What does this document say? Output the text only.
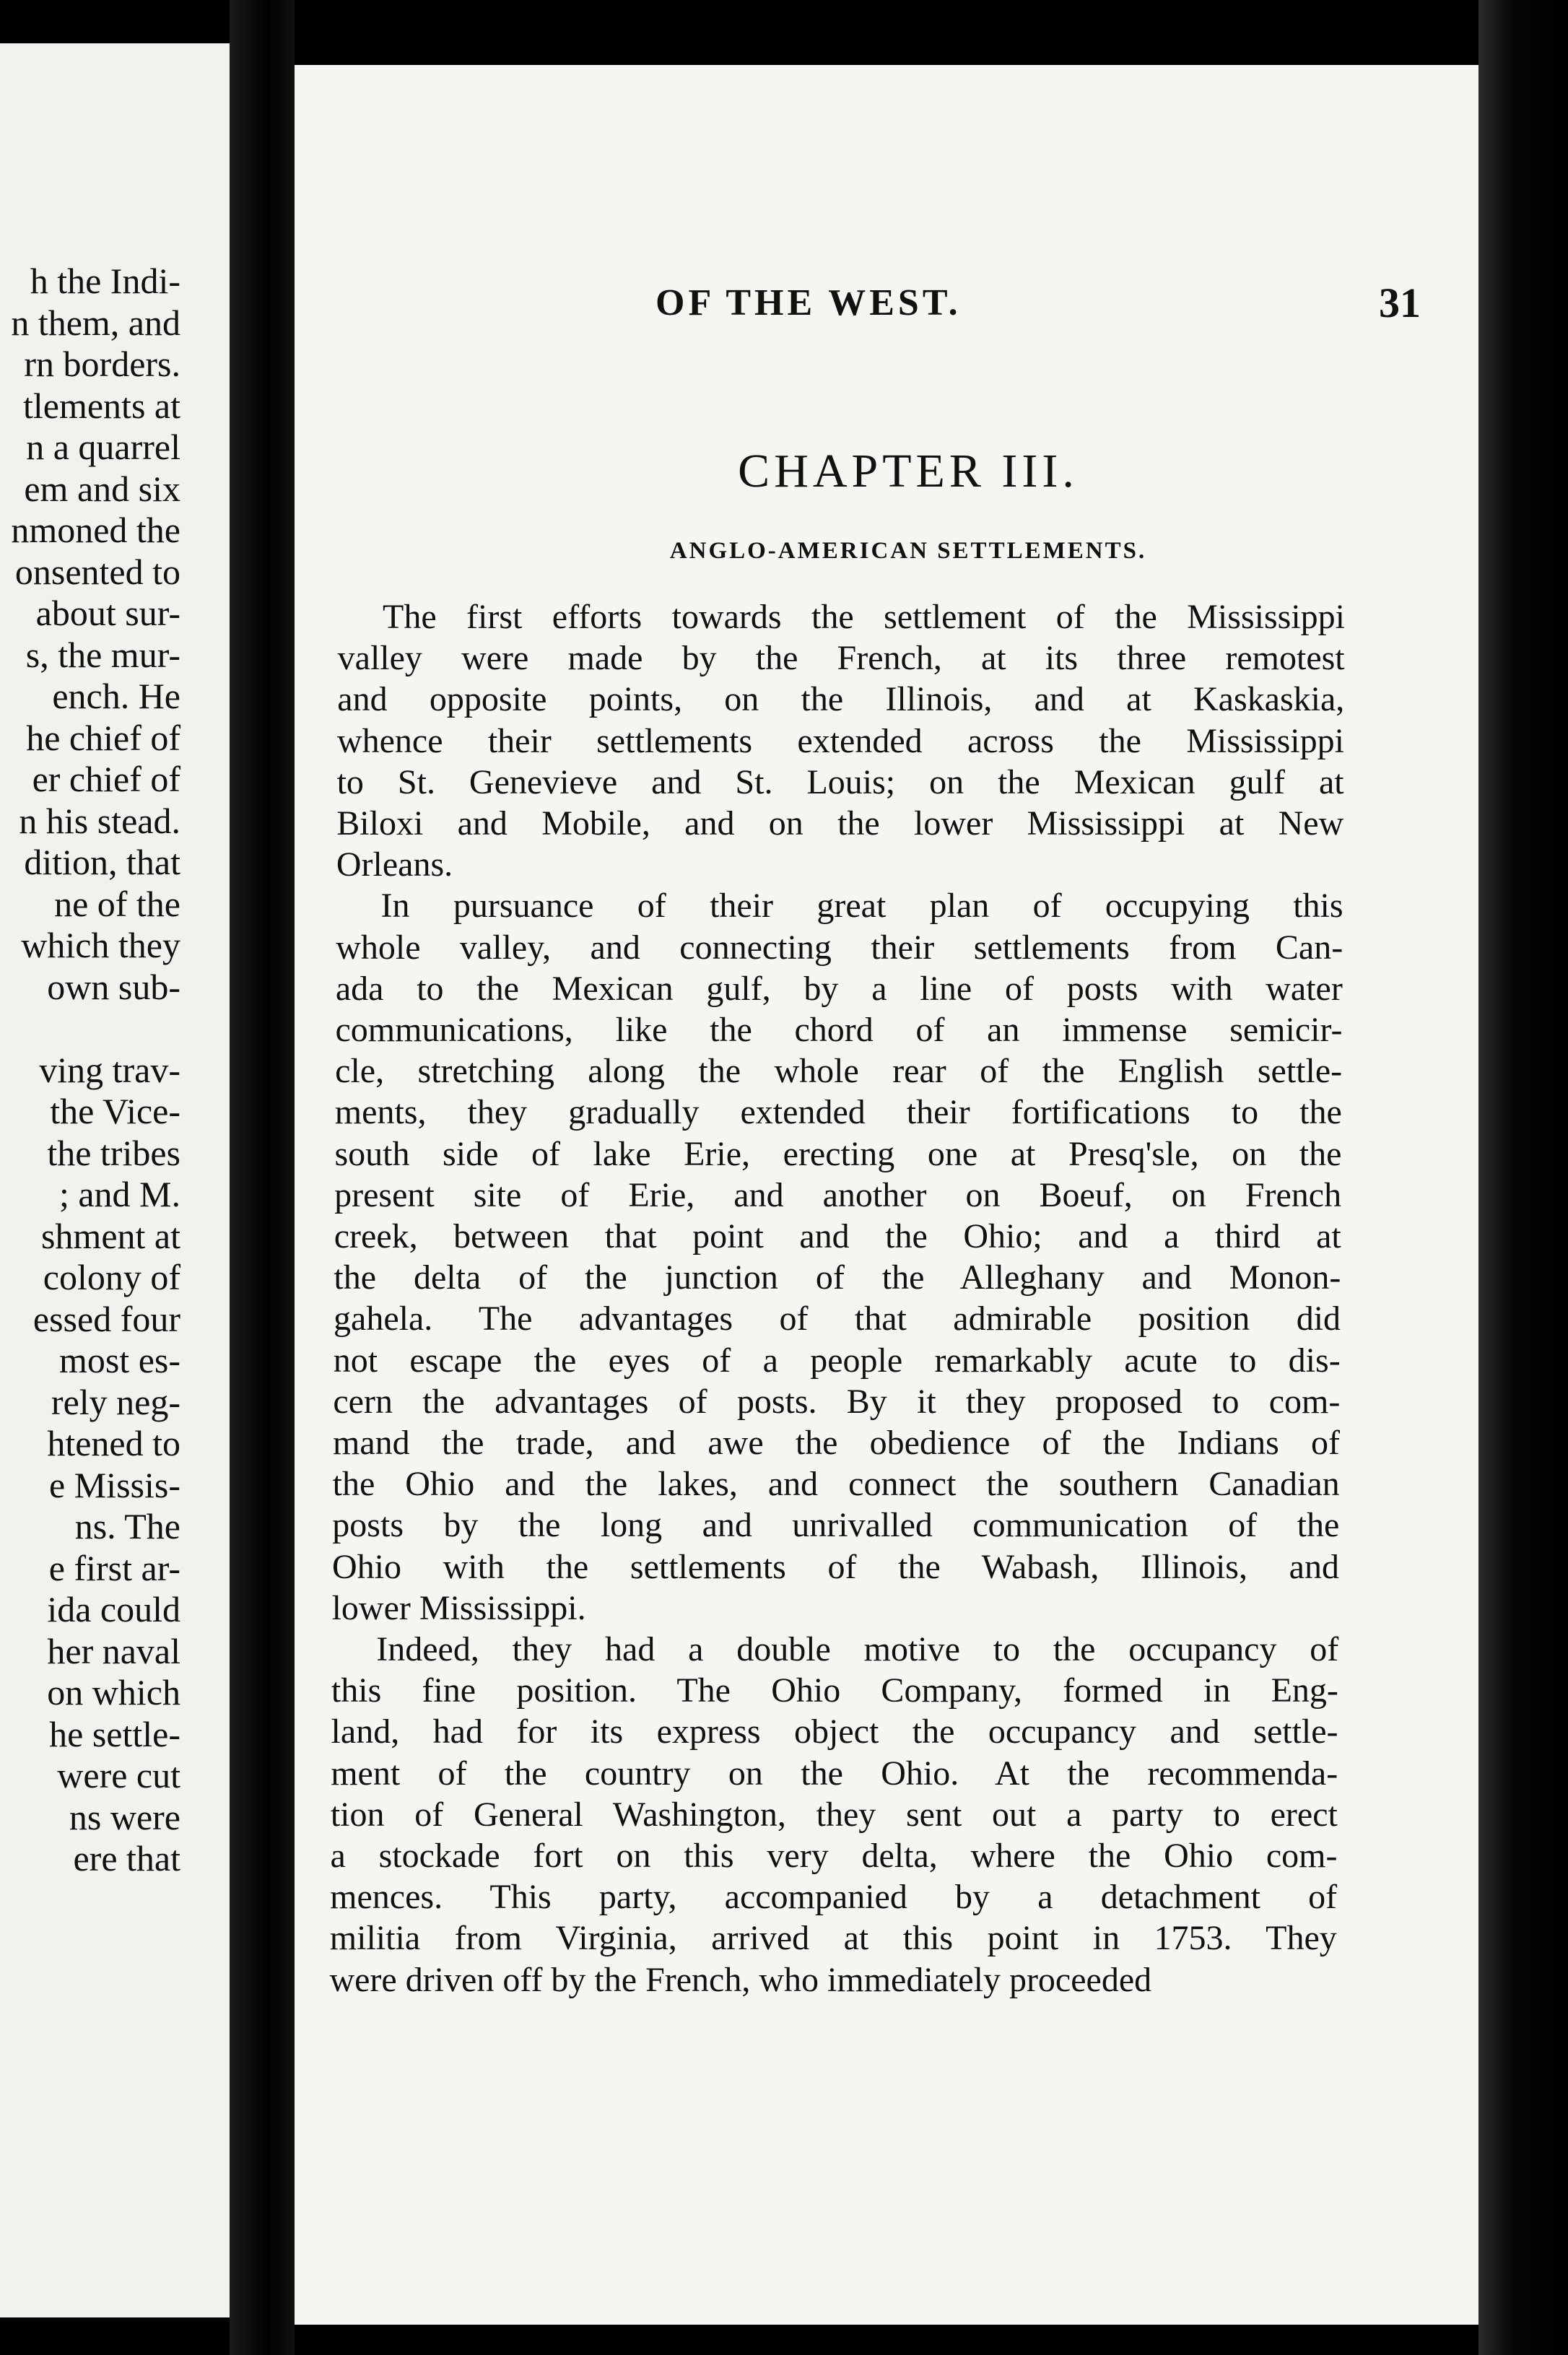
h the Indi-
n them, and
rn borders.
tlements at
n a quarrel
em and six
nmoned the
onsented to
about sur-
s, the mur-
ench. He
he chief of
er chief of
n his stead.
dition, that
ne of the
which they
own sub-
ving trav-
the Vice-
the tribes
; and M.
shment at
colony of
essed four
most es-
rely neg-
htened to
e Missis-
ns. The
e first ar-
ida could
her naval
on which
he settle-
were cut
ns were
ere that
OF THE WEST.	31
CHAPTER III.
ANGLO-AMERICAN SETTLEMENTS.
The first efforts towards the settlement of the Mississippi
valley were made by the French, at its three remotest
and opposite points, on the Illinois, and at Kaskaskia,
whence their settlements extended across the Mississippi
to St. Genevieve and St. Louis; on the Mexican gulf at
Biloxi and Mobile, and on the lower Mississippi at New
Orleans.
In pursuance of their great plan of occupying this
whole valley, and connecting their settlements from Can-
ada to the Mexican gulf, by a line of posts with water
communications, like the chord of an immense semicir-
cle, stretching along the whole rear of the English settle-
ments, they gradually extended their fortifications to the
south side of lake Erie, erecting one at Presq'sle, on the
present site of Erie, and another on Boeuf, on French
creek, between that point and the Ohio; and a third at
the delta of the junction of the Alleghany and Monon-
gahela. The advantages of that admirable position did
not escape the eyes of a people remarkably acute to dis-
cern the advantages of posts. By it they proposed to com-
mand the trade, and awe the obedience of the Indians of
the Ohio and the lakes, and connect the southern Canadian
posts by the long and unrivalled communication of the
Ohio with the settlements of the Wabash, Illinois, and
lower Mississippi.
Indeed, they had a double motive to the occupancy of
this fine position. The Ohio Company, formed in Eng-
land, had for its express object the occupancy and settle-
ment of the country on the Ohio. At the recommenda-
tion of General Washington, they sent out a party to erect
a stockade fort on this very delta, where the Ohio com-
mences. This party, accompanied by a detachment of
militia from Virginia, arrived at this point in 1753. They
were driven off by the French, who immediately proceeded
